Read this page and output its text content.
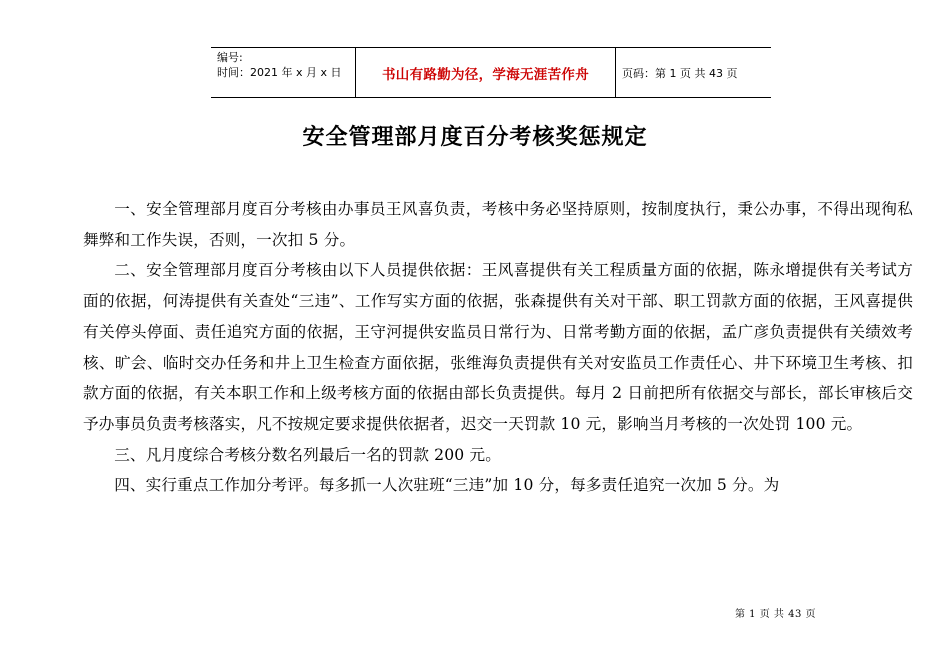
编号:
时间：2021 年 x 月 x 日	书山有路勤为径，学海无涯苦作舟	页码：第 1 页 共 43 页
安全管理部月度百分考核奖惩规定

一、安全管理部月度百分考核由办事员王风喜负责，考核中务必坚持原则，按制度执行，秉公办事，不得出现徇私舞弊和工作失误，否则，一次扣 5 分。

二、安全管理部月度百分考核由以下人员提供依据：王风喜提供有关工程质量方面的依据，陈永增提供有关考试方面的依据，何涛提供有关查处“三违”、工作写实方面的依据，张森提供有关对干部、职工罚款方面的依据，王风喜提供有关停头停面、责任追究方面的依据，王守河提供安监员日常行为、日常考勤方面的依据，孟广彦负责提供有关绩效考核、旷会、临时交办任务和井上卫生检查方面依据，张维海负责提供有关对安监员工作责任心、井下环境卫生考核、扣款方面的依据，有关本职工作和上级考核方面的依据由部长负责提供。每月 2 日前把所有依据交与部长，部长审核后交予办事员负责考核落实，凡不按规定要求提供依据者，迟交一天罚款 10 元，影响当月考核的一次处罚 100 元。

三、凡月度综合考核分数名列最后一名的罚款 200 元。

四、实行重点工作加分考评。每多抓一人次驻班“三违”加 10 分，每多责任追究一次加 5 分。为

第 1 页 共 43 页
